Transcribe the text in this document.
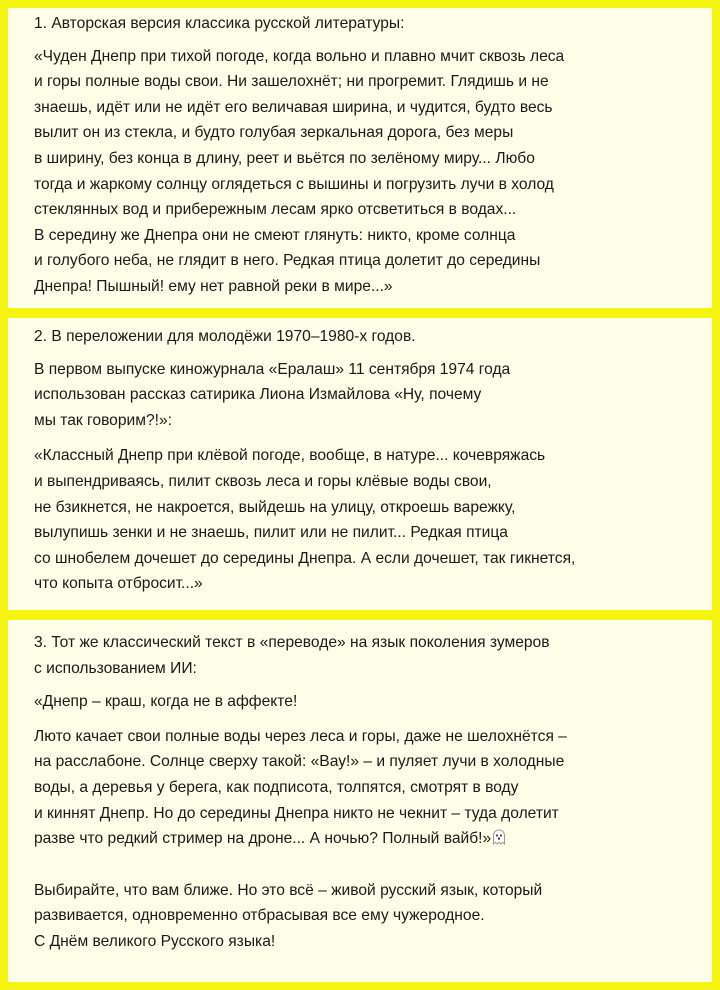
1. Авторская версия классика русской литературы:

«Чуден Днепр при тихой погоде, когда вольно и плавно мчит сквозь леса
и горы полные воды свои. Ни зашелохнёт; ни прогремит. Глядишь и не
знаешь, идёт или не идёт его величавая ширина, и чудится, будто весь
вылит он из стекла, и будто голубая зеркальная дорога, без меры
в ширину, без конца в длину, реет и вьётся по зелёному миру... Любо
тогда и жаркому солнцу оглядеться с вышины и погрузить лучи в холод
стеклянных вод и прибережным лесам ярко отсветиться в водах...
В середину же Днепра они не смеют глянуть: никто, кроме солнца
и голубого неба, не глядит в него. Редкая птица долетит до середины
Днепра! Пышный! ему нет равной реки в мире...»

2. В переложении для молодёжи 1970–1980-х годов.

В первом выпуске киножурнала «Ералаш» 11 сентября 1974 года
использован рассказ сатирика Лиона Измайлова «Ну, почему
мы так говорим?!»:

«Классный Днепр при клёвой погоде, вообще, в натуре... кочевряжась
и выпендриваясь, пилит сквозь леса и горы клёвые воды свои,
не бзикнется, не накроется, выйдешь на улицу, откроешь варежку,
вылупишь зенки и не знаешь, пилит или не пилит... Редкая птица
со шнобелем дочешет до середины Днепра. А если дочешет, так гикнется,
что копыта отбросит...»

3. Тот же классический текст в «переводе» на язык поколения зумеров
с использованием ИИ:

«Днепр – краш, когда не в аффекте!

Люто качает свои полные воды через леса и горы, даже не шелохнётся –
на расслабоне. Солнце сверху такой: «Вау!» – и пуляет лучи в холодные
воды, а деревья у берега, как подписота, толпятся, смотрят в воду
и киннят Днепр. Но до середины Днепра никто не чекнит – туда долетит
разве что редкий стример на дроне... А ночью? Полный вайб!»

Выбирайте, что вам ближе. Но это всё – живой русский язык, который
развивается, одновременно отбрасывая все ему чужеродное.
С Днём великого Русского языка!
